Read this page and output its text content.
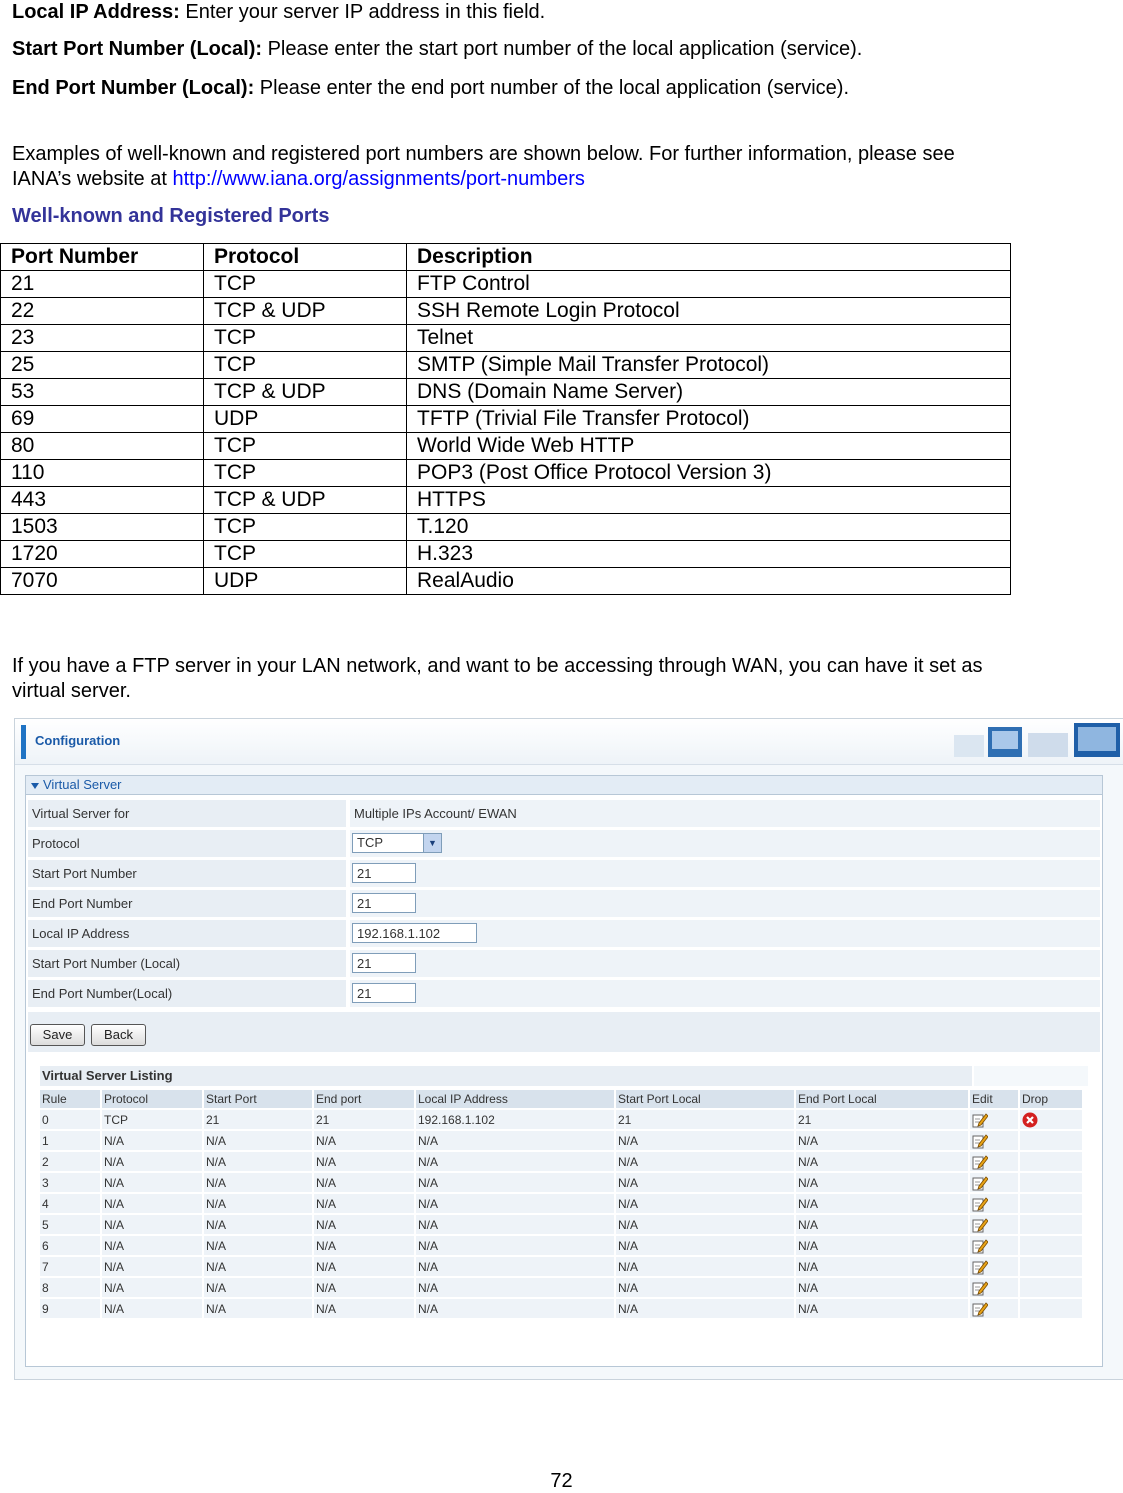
Local IP Address: Enter your server IP address in this field.
Start Port Number (Local): Please enter the start port number of the local application (service).
End Port Number (Local): Please enter the end port number of the local application (service).
Examples of well-known and registered port numbers are shown below. For further information, please see
IANA’s website at http://www.iana.org/assignments/port-numbers
Well-known and Registered Ports
Port Number	Protocol	Description
21	TCP	FTP Control
22	TCP & UDP	SSH Remote Login Protocol
23	TCP	Telnet
25	TCP	SMTP (Simple Mail Transfer Protocol)
53	TCP & UDP	DNS (Domain Name Server)
69	UDP	TFTP (Trivial File Transfer Protocol)
80	TCP	World Wide Web HTTP
110	TCP	POP3 (Post Office Protocol Version 3)
443	TCP & UDP	HTTPS
1503	TCP	T.120
1720	TCP	H.323
7070	UDP	RealAudio
If you have a FTP server in your LAN network, and want to be accessing through WAN, you can have it set as
virtual server.
Configuration
Virtual Server
Virtual Server for	Multiple IPs Account/ EWAN
Protocol	TCP	▼
Start Port Number	21
End Port Number	21
Local IP Address	192.168.1.102
Start Port Number (Local)	21
End Port Number(Local)	21
Save	Back
Virtual Server Listing
Rule	Protocol	Start Port	End port	Local IP Address	Start Port Local	End Port Local	Edit	Drop
0	TCP	21	21	192.168.1.102	21	21		
1	N/A	N/A	N/A	N/A	N/A	N/A		
2	N/A	N/A	N/A	N/A	N/A	N/A		
3	N/A	N/A	N/A	N/A	N/A	N/A		
4	N/A	N/A	N/A	N/A	N/A	N/A		
5	N/A	N/A	N/A	N/A	N/A	N/A		
6	N/A	N/A	N/A	N/A	N/A	N/A		
7	N/A	N/A	N/A	N/A	N/A	N/A		
8	N/A	N/A	N/A	N/A	N/A	N/A		
9	N/A	N/A	N/A	N/A	N/A	N/A		
72
